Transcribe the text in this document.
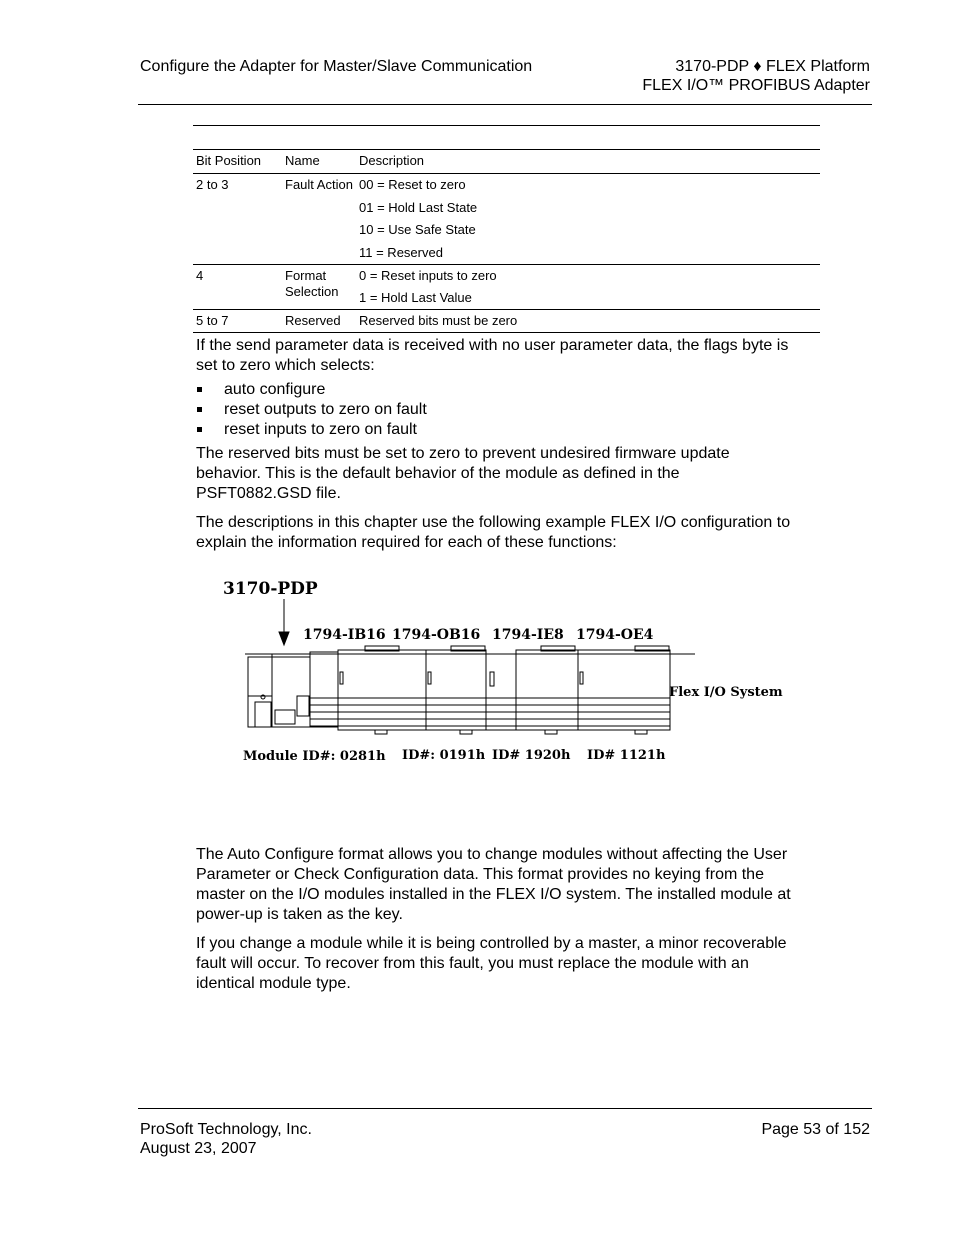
Configure the Adapter for Master/Slave Communication	3170-PDP ♦ FLEX Platform
FLEX I/O™ PROFIBUS Adapter
Bit Position	Name	Description
2 to 3	Fault Action	00 = Reset to zero
01 = Hold Last State
10 = Use Safe State
11 = Reserved

4	Format Selection	0 = Reset inputs to zero
1 = Hold Last Value

5 to 7	Reserved	Reserved bits must be zero
If the send parameter data is received with no user parameter data, the flags byte is set to zero which selects:
auto configure
reset outputs to zero on fault
reset inputs to zero on fault
The reserved bits must be set to zero to prevent undesired firmware update behavior. This is the default behavior of the module as defined in the PSFT0882.GSD file.
The descriptions in this chapter use the following example FLEX I/O configuration to explain the information required for each of these functions:
3170-PDP
1794-IB16 1794-OB16 1794-IE8 1794-OE4
Flex I/O System
Module ID#: 0281h ID#: 0191h ID# 1920h ID# 1121h
The Auto Configure format allows you to change modules without affecting the User Parameter or Check Configuration data. This format provides no keying from the master on the I/O modules installed in the FLEX I/O system. The installed module at power-up is taken as the key.
If you change a module while it is being controlled by a master, a minor recoverable fault will occur. To recover from this fault, you must replace the module with an identical module type.
ProSoft Technology, Inc.
August 23, 2007
Page 53 of 152
